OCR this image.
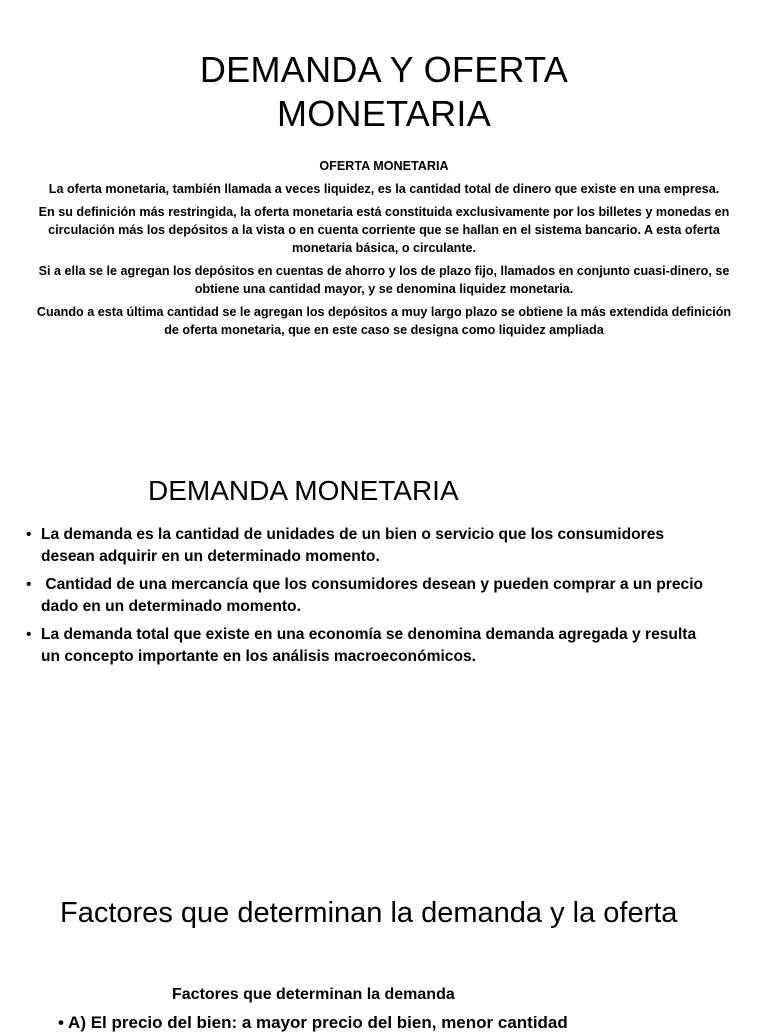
DEMANDA Y OFERTA
MONETARIA

OFERTA MONETARIA

La oferta monetaria, también llamada a veces liquidez, es la cantidad total de dinero que existe en una empresa.

En su definición más restringida, la oferta monetaria está constituida exclusivamente por los billetes y monedas en circulación más los depósitos a la vista o en cuenta corriente que se hallan en el sistema bancario. A esta oferta monetaria básica, o circulante.

Si a ella se le agregan los depósitos en cuentas de ahorro y los de plazo fijo, llamados en conjunto cuasi-dinero, se obtiene una cantidad mayor, y se denomina liquidez monetaria.

Cuando a esta última cantidad se le agregan los depósitos a muy largo plazo se obtiene la más extendida definición de oferta monetaria, que en este caso se designa como liquidez ampliada

DEMANDA MONETARIA
• La demanda es la cantidad de unidades de un bien o servicio que los consumidores desean adquirir en un determinado momento.
• Cantidad de una mercancía que los consumidores desean y pueden comprar a un precio dado en un determinado momento.
• La demanda total que existe en una economía se denomina demanda agregada y resulta un concepto importante en los análisis macroeconómicos.
Factores que determinan la demanda y la oferta
Factores que determinan la demanda
• A) El precio del bien: a mayor precio del bien, menor cantidad
